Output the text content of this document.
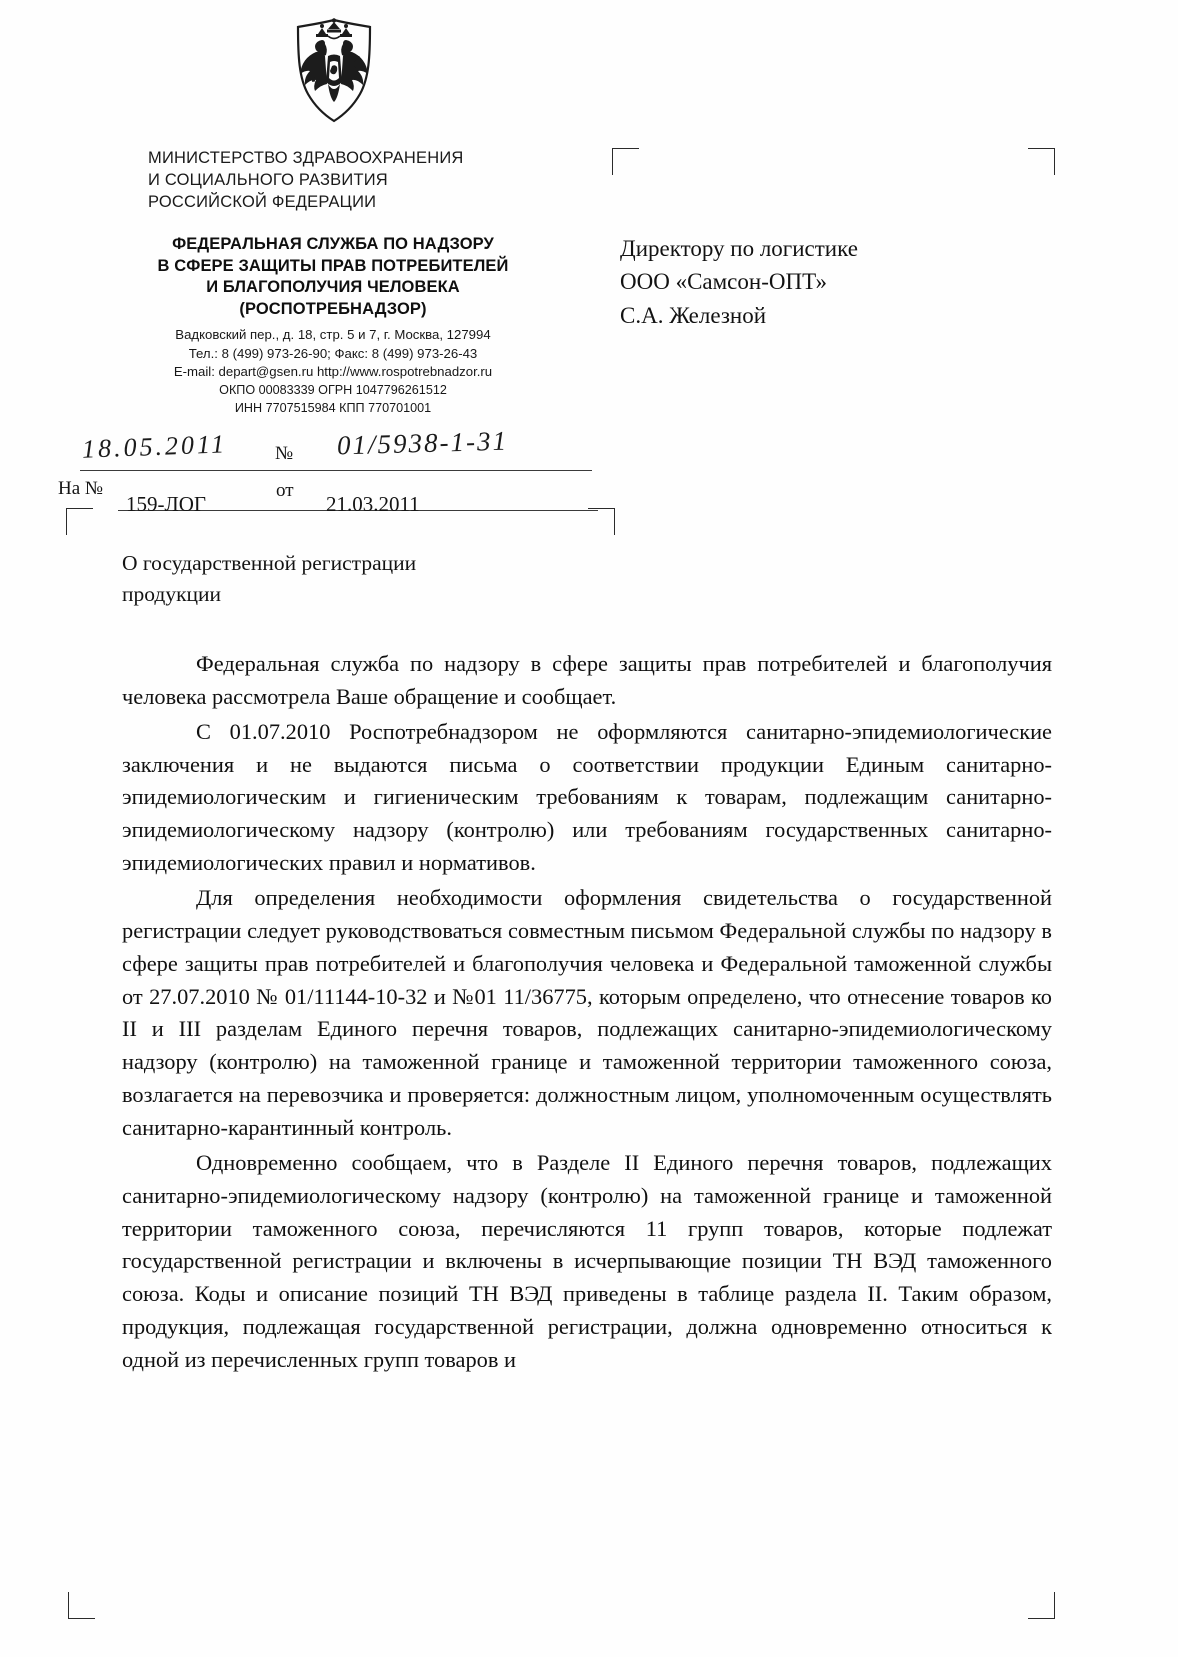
МИНИСТЕРСТВО ЗДРАВООХРАНЕНИЯ
И СОЦИАЛЬНОГО РАЗВИТИЯ
РОССИЙСКОЙ ФЕДЕРАЦИИ
ФЕДЕРАЛЬНАЯ СЛУЖБА ПО НАДЗОРУ
В СФЕРЕ ЗАЩИТЫ ПРАВ ПОТРЕБИТЕЛЕЙ
И БЛАГОПОЛУЧИЯ ЧЕЛОВЕКА
(РОСПОТРЕБНАДЗОР)
Вадковский пер., д. 18, стр. 5 и 7, г. Москва, 127994
Тел.: 8 (499) 973-26-90; Факс: 8 (499) 973-26-43
E-mail: depart@gsen.ru http://www.rospotrebnadzor.ru
ОКПО 00083339 ОГРН 1047796261512
ИНН 7707515984 КПП 770701001
Директору по логистике
ООО «Самсон-ОПТ»
С.А. Железной
18.05.2011 № 01/5938-1-31
На №
159-ЛОГ
от
21.03.2011
О государственной регистрации
продукции

Федеральная служба по надзору в сфере защиты прав потребителей и благополучия человека рассмотрела Ваше обращение и сообщает.

С 01.07.2010 Роспотребнадзором не оформляются санитарно-эпидемиологические заключения и не выдаются письма о соответствии продукции Единым санитарно-эпидемиологическим и гигиеническим требованиям к товарам, подлежащим санитарно-эпидемиологическому надзору (контролю) или требованиям государственных санитарно-эпидемиологических правил и нормативов.

Для определения необходимости оформления свидетельства о государственной регистрации следует руководствоваться совместным письмом Федеральной службы по надзору в сфере защиты прав потребителей и благополучия человека и Федеральной таможенной службы от 27.07.2010 № 01/11144-10-32 и №01 11/36775, которым определено, что отнесение товаров ко II и III разделам Единого перечня товаров, подлежащих санитарно-эпидемиологическому надзору (контролю) на таможенной границе и таможенной территории таможенного союза, возлагается на перевозчика и проверяется: должностным лицом, уполномоченным осуществлять санитарно-карантинный контроль.

Одновременно сообщаем, что в Разделе II Единого перечня товаров, подлежащих санитарно-эпидемиологическому надзору (контролю) на таможенной границе и таможенной территории таможенного союза, перечисляются 11 групп товаров, которые подлежат государственной регистрации и включены в исчерпывающие позиции ТН ВЭД таможенного союза. Коды и описание позиций ТН ВЭД приведены в таблице раздела II. Таким образом, продукция, подлежащая государственной регистрации, должна одновременно относиться к одной из перечисленных групп товаров и
